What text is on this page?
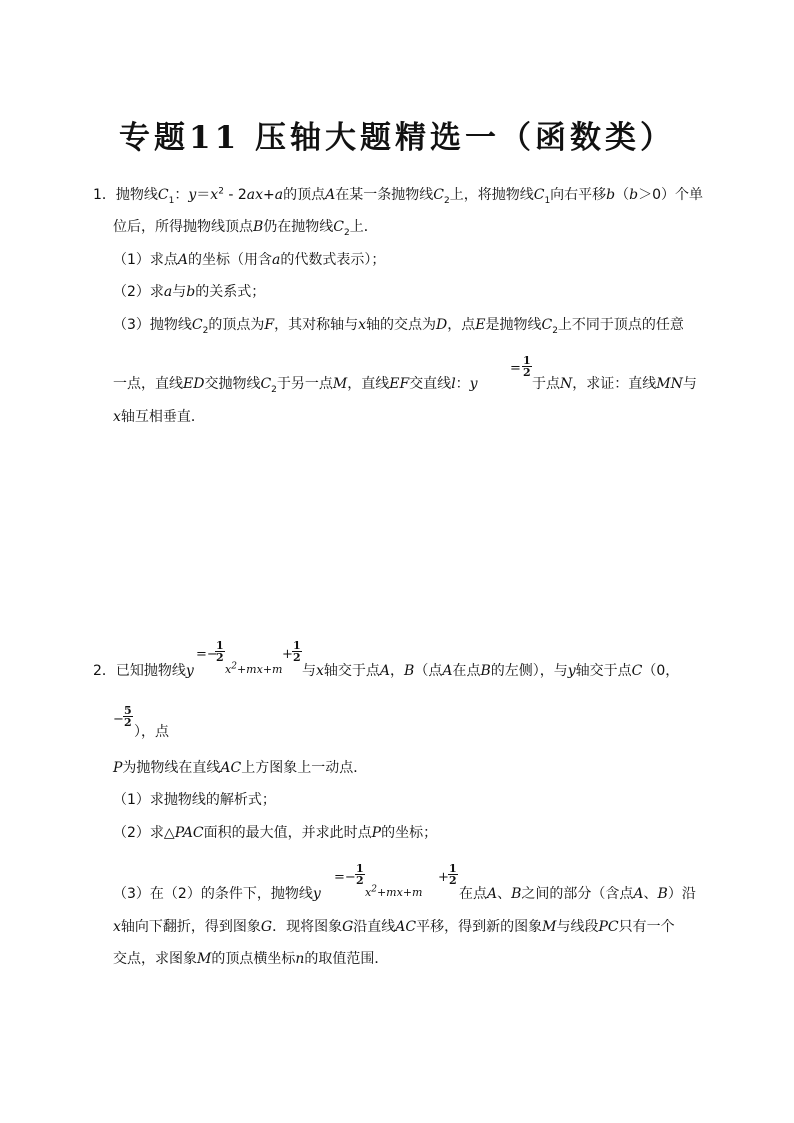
专题11 压轴大题精选一（函数类）
1．抛物线$C_1$：$y=x^2 - 2ax+a$的顶点A在某一条抛物线$C_2$上，将抛物线$C_1$向右平移b（b＞0）个单
位后，所得抛物线顶点B仍在抛物线$C_2$上．
（1）求点A的坐标（用含a的代数式表示）；
（2）求a与b的关系式；
（3）抛物线$C_2$的顶点为F，其对称轴与x轴的交点为D，点E是抛物线$C_2$上不同于顶点的任意
一点，直线ED交抛物线$C_2$于另一点M，直线EF交直线l：y
= $\frac{1}{2}$
于点N，求证：直线MN与
x轴互相垂直．
2．已知抛物线y
=−
$\frac{1}{2}$
$x^2+mx+m$
+ $\frac{1}{2}$
与x轴交于点A，B（点A在点B的左侧），与y轴交于点C（0，
− $\frac{5}{2}$
），点
P为抛物线在直线AC上方图象上一动点．
（1）求抛物线的解析式；
（2）求△PAC面积的最大值，并求此时点P的坐标；
（3）在（2）的条件下，抛物线y
=− $\frac{1}{2}$
$x^2+mx+m$
+ $\frac{1}{2}$
在点A、B之间的部分（含点A、B）沿
x轴向下翻折，得到图象G．现将图象G沿直线AC平移，得到新的图象M与线段PC只有一个
交点，求图象M的顶点横坐标n的取值范围．
